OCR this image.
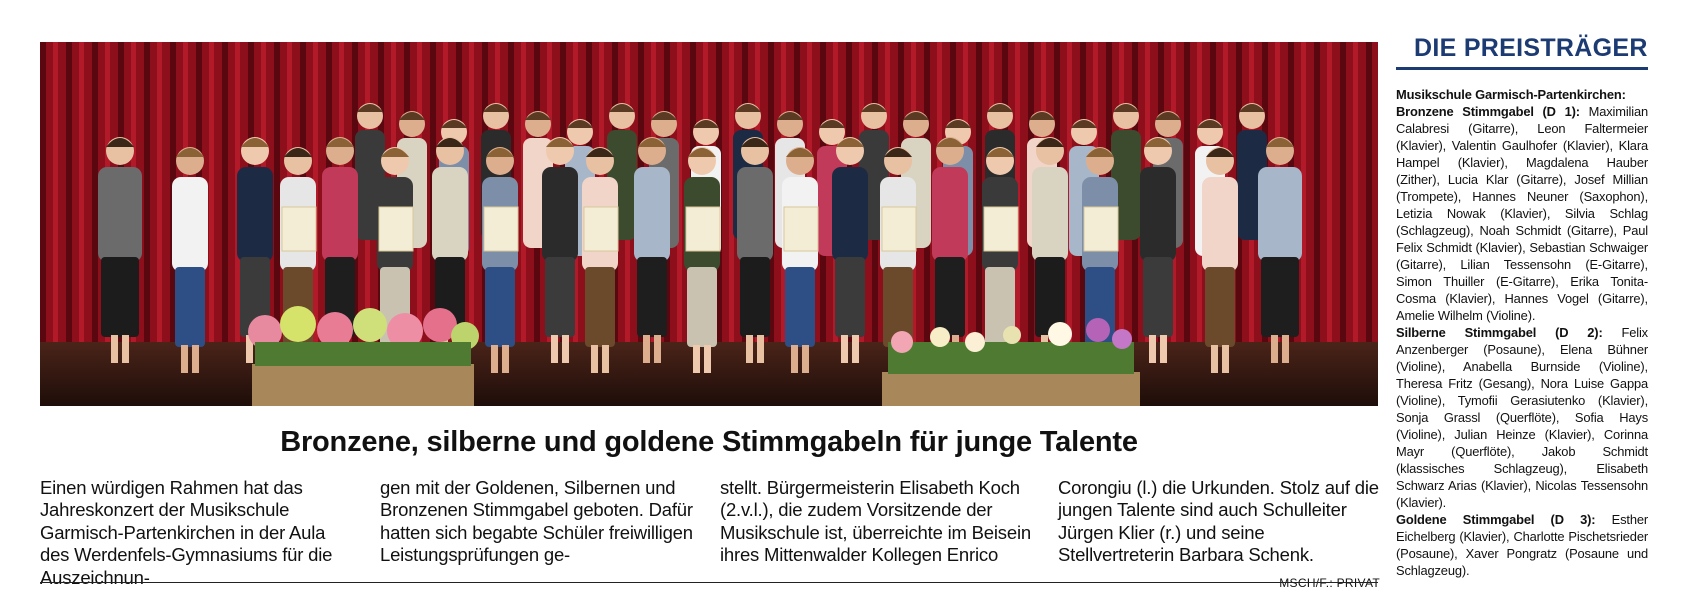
Bronzene, silberne und goldene Stimmgabeln für junge Talente
Einen würdigen Rahmen hat das Jahreskonzert der Musikschule Garmisch-Partenkirchen in der Aula des Werdenfels-Gymnasiums für die Auszeichnun-
gen mit der Goldenen, Silbernen und Bronzenen Stimmgabel geboten. Dafür hatten sich begabte Schüler freiwilligen Leistungsprüfungen ge-
stellt. Bürgermeisterin Elisabeth Koch (2.v.l.), die zudem Vorsitzende der Musikschule ist, überreichte im Beisein ihres Mittenwalder Kollegen Enrico
Corongiu (l.) die Urkunden. Stolz auf die jungen Talente sind auch Schulleiter Jürgen Klier (r.) und seine Stellvertreterin Barbara Schenk.
MSCH/F.: PRIVAT
DIE PREISTRÄGER
Musikschule Garmisch-Partenkirchen:

Bronzene Stimmgabel (D 1): Maximilian Calabresi (Gitarre), Leon Faltermeier (Klavier), Valentin Gaulhofer (Klavier), Klara Hampel (Klavier), Magdalena Hauber (Zither), Lucia Klar (Gitarre), Josef Millian (Trompete), Hannes Neuner (Saxophon), Letizia Nowak (Klavier), Silvia Schlag (Schlagzeug), Noah Schmidt (Gitarre), Paul Felix Schmidt (Klavier), Sebastian Schwaiger (Gitarre), Lilian Tessensohn (E-Gitarre), Simon Thuiller (E-Gitarre), Erika Tonita-Cosma (Klavier), Hannes Vogel (Gitarre), Amelie Wilhelm (Violine).

Silberne Stimmgabel (D 2): Felix Anzenberger (Posaune), Elena Bühner (Violine), Anabella Burnside (Violine), Theresa Fritz (Gesang), Nora Luise Gappa (Violine), Tymofii Gerasiutenko (Klavier), Sonja Grassl (Querflöte), Sofia Hays (Violine), Julian Heinze (Klavier), Corinna Mayr (Querflöte), Jakob Schmidt (klassisches Schlagzeug), Elisabeth Schwarz Arias (Klavier), Nicolas Tessensohn (Klavier).

Goldene Stimmgabel (D 3): Esther Eichelberg (Klavier), Charlotte Pischetsrieder (Posaune), Xaver Pongratz (Posaune und Schlagzeug).
